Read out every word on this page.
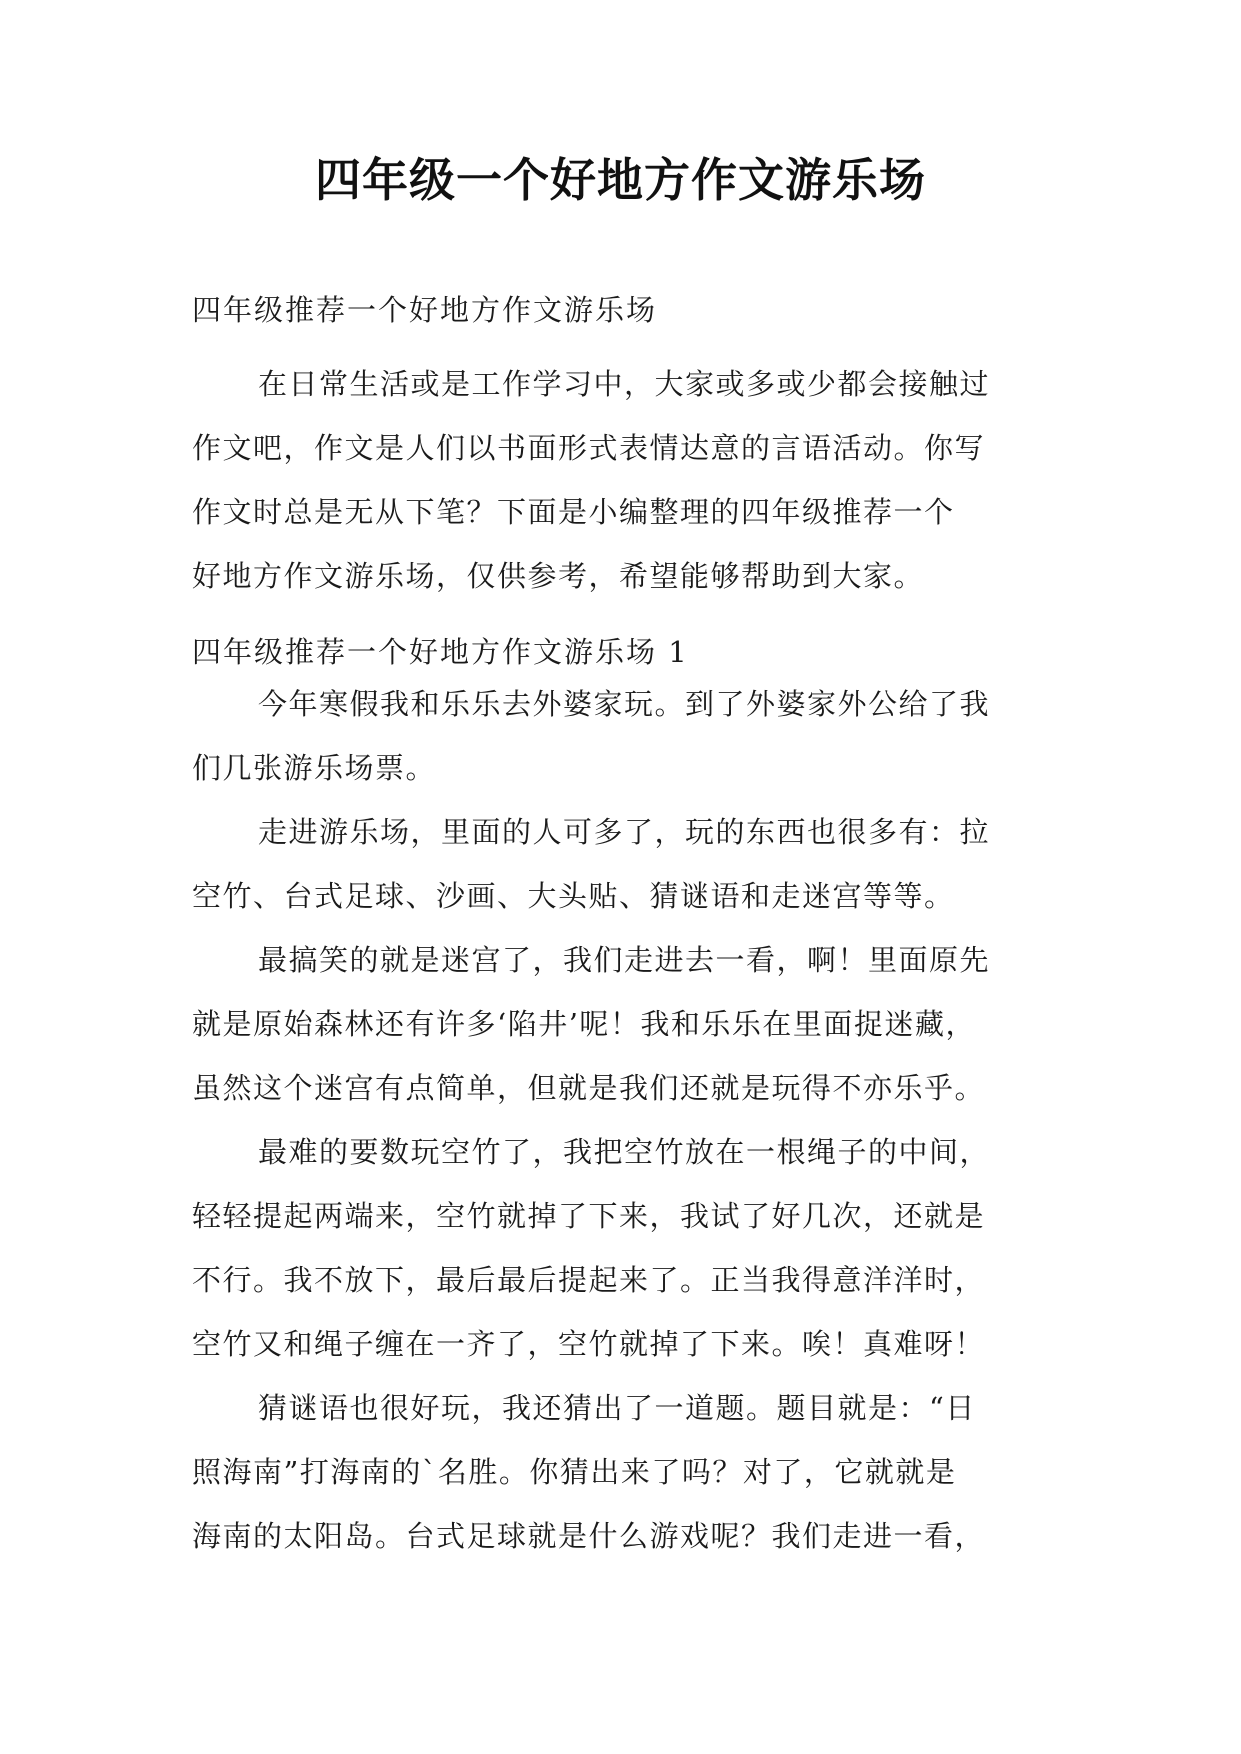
四年级一个好地方作文游乐场
四年级推荐一个好地方作文游乐场
在日常生活或是工作学习中，大家或多或少都会接触过
作文吧，作文是人们以书面形式表情达意的言语活动。你写
作文时总是无从下笔？下面是小编整理的四年级推荐一个
好地方作文游乐场，仅供参考，希望能够帮助到大家。
四年级推荐一个好地方作文游乐场 1
今年寒假我和乐乐去外婆家玩。到了外婆家外公给了我
们几张游乐场票。
走进游乐场，里面的人可多了，玩的东西也很多有：拉
空竹、台式足球、沙画、大头贴、猜谜语和走迷宫等等。
最搞笑的就是迷宫了，我们走进去一看，啊！里面原先
就是原始森林还有许多‘陷井’呢！我和乐乐在里面捉迷藏，
虽然这个迷宫有点简单，但就是我们还就是玩得不亦乐乎。
最难的要数玩空竹了，我把空竹放在一根绳子的中间，
轻轻提起两端来，空竹就掉了下来，我试了好几次，还就是
不行。我不放下，最后最后提起来了。正当我得意洋洋时，
空竹又和绳子缠在一齐了，空竹就掉了下来。唉！真难呀！
猜谜语也很好玩，我还猜出了一道题。题目就是：“日
照海南”打海南的`名胜。你猜出来了吗？对了，它就就是
海南的太阳岛。台式足球就是什么游戏呢？我们走进一看，
